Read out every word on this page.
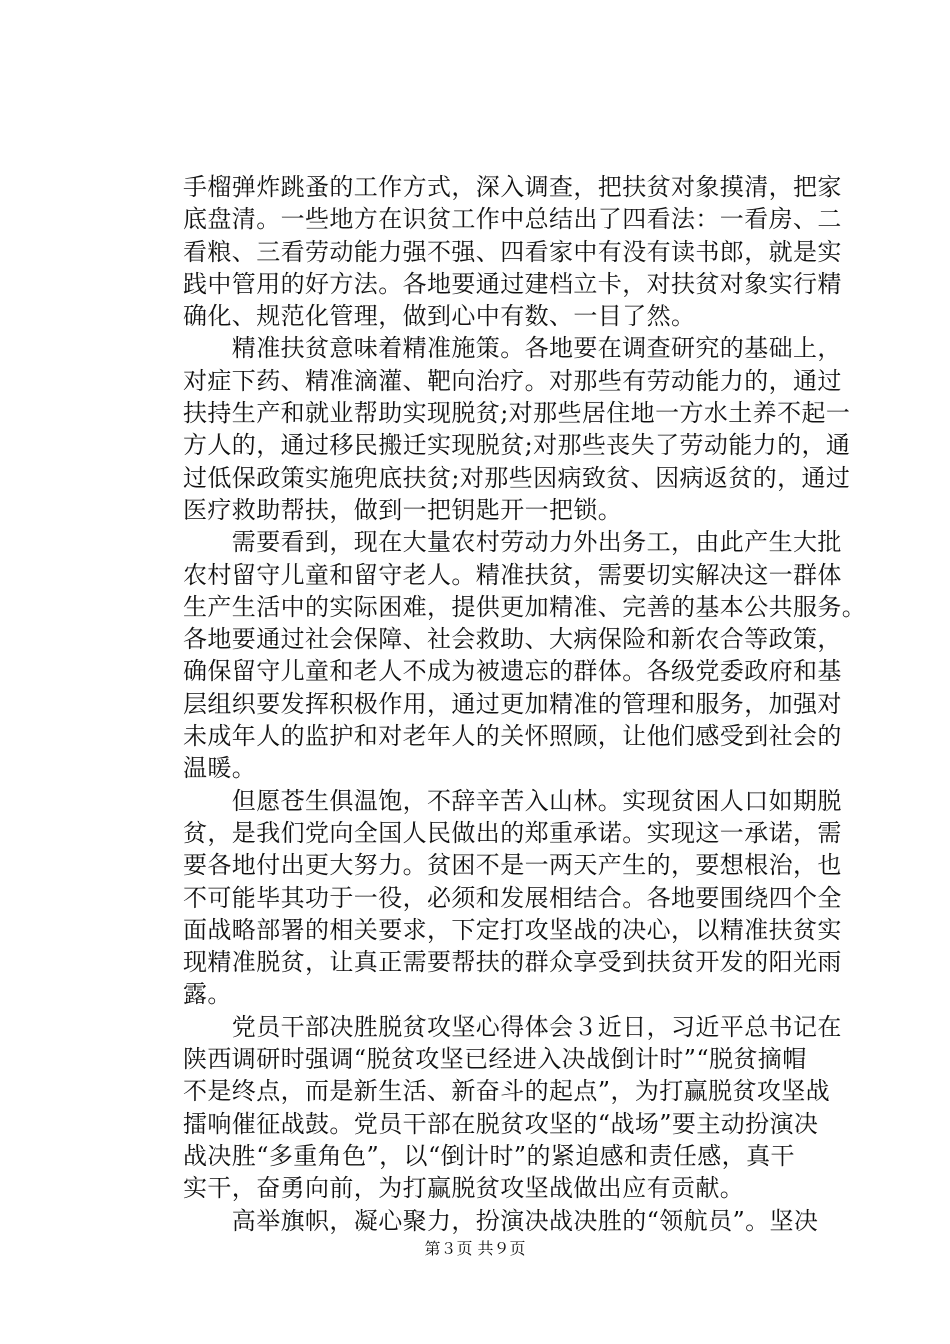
手榴弹炸跳蚤的工作方式，深入调查，把扶贫对象摸清，把家
底盘清。一些地方在识贫工作中总结出了四看法：一看房、二
看粮、三看劳动能力强不强、四看家中有没有读书郎，就是实
践中管用的好方法。各地要通过建档立卡，对扶贫对象实行精
确化、规范化管理，做到心中有数、一目了然。
　　精准扶贫意味着精准施策。各地要在调查研究的基础上，
对症下药、精准滴灌、靶向治疗。对那些有劳动能力的，通过
扶持生产和就业帮助实现脱贫;对那些居住地一方水土养不起一
方人的，通过移民搬迁实现脱贫;对那些丧失了劳动能力的，通
过低保政策实施兜底扶贫;对那些因病致贫、因病返贫的，通过
医疗救助帮扶，做到一把钥匙开一把锁。
　　需要看到，现在大量农村劳动力外出务工，由此产生大批
农村留守儿童和留守老人。精准扶贫，需要切实解决这一群体
生产生活中的实际困难，提供更加精准、完善的基本公共服务。
各地要通过社会保障、社会救助、大病保险和新农合等政策，
确保留守儿童和老人不成为被遗忘的群体。各级党委政府和基
层组织要发挥积极作用，通过更加精准的管理和服务，加强对
未成年人的监护和对老年人的关怀照顾，让他们感受到社会的
温暖。
　　但愿苍生俱温饱，不辞辛苦入山林。实现贫困人口如期脱
贫，是我们党向全国人民做出的郑重承诺。实现这一承诺，需
要各地付出更大努力。贫困不是一两天产生的，要想根治，也
不可能毕其功于一役，必须和发展相结合。各地要围绕四个全
面战略部署的相关要求，下定打攻坚战的决心，以精准扶贫实
现精准脱贫，让真正需要帮扶的群众享受到扶贫开发的阳光雨
露。
　　党员干部决胜脱贫攻坚心得体会３近日，习近平总书记在
陕西调研时强调“脱贫攻坚已经进入决战倒计时”“脱贫摘帽
不是终点，而是新生活、新奋斗的起点”，为打赢脱贫攻坚战
擂响催征战鼓。党员干部在脱贫攻坚的“战场”要主动扮演决
战决胜“多重角色”，以“倒计时”的紧迫感和责任感，真干
实干，奋勇向前，为打赢脱贫攻坚战做出应有贡献。
　　高举旗帜，凝心聚力，扮演决战决胜的“领航员”。坚决
第３页 共９页
